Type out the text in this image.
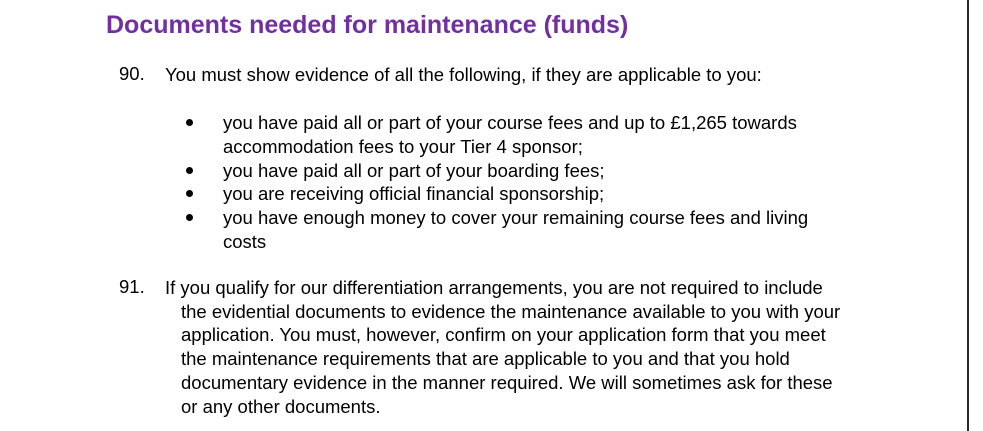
Documents needed for maintenance (funds)
90. You must show evidence of all the following, if they are applicable to you:
you have paid all or part of your course fees and up to £1,265 towards accommodation fees to your Tier 4 sponsor;
you have paid all or part of your boarding fees;
you are receiving official financial sponsorship;
you have enough money to cover your remaining course fees and living costs
91. If you qualify for our differentiation arrangements, you are not required to include the evidential documents to evidence the maintenance available to you with your application. You must, however, confirm on your application form that you meet the maintenance requirements that are applicable to you and that you hold documentary evidence in the manner required. We will sometimes ask for these or any other documents.
